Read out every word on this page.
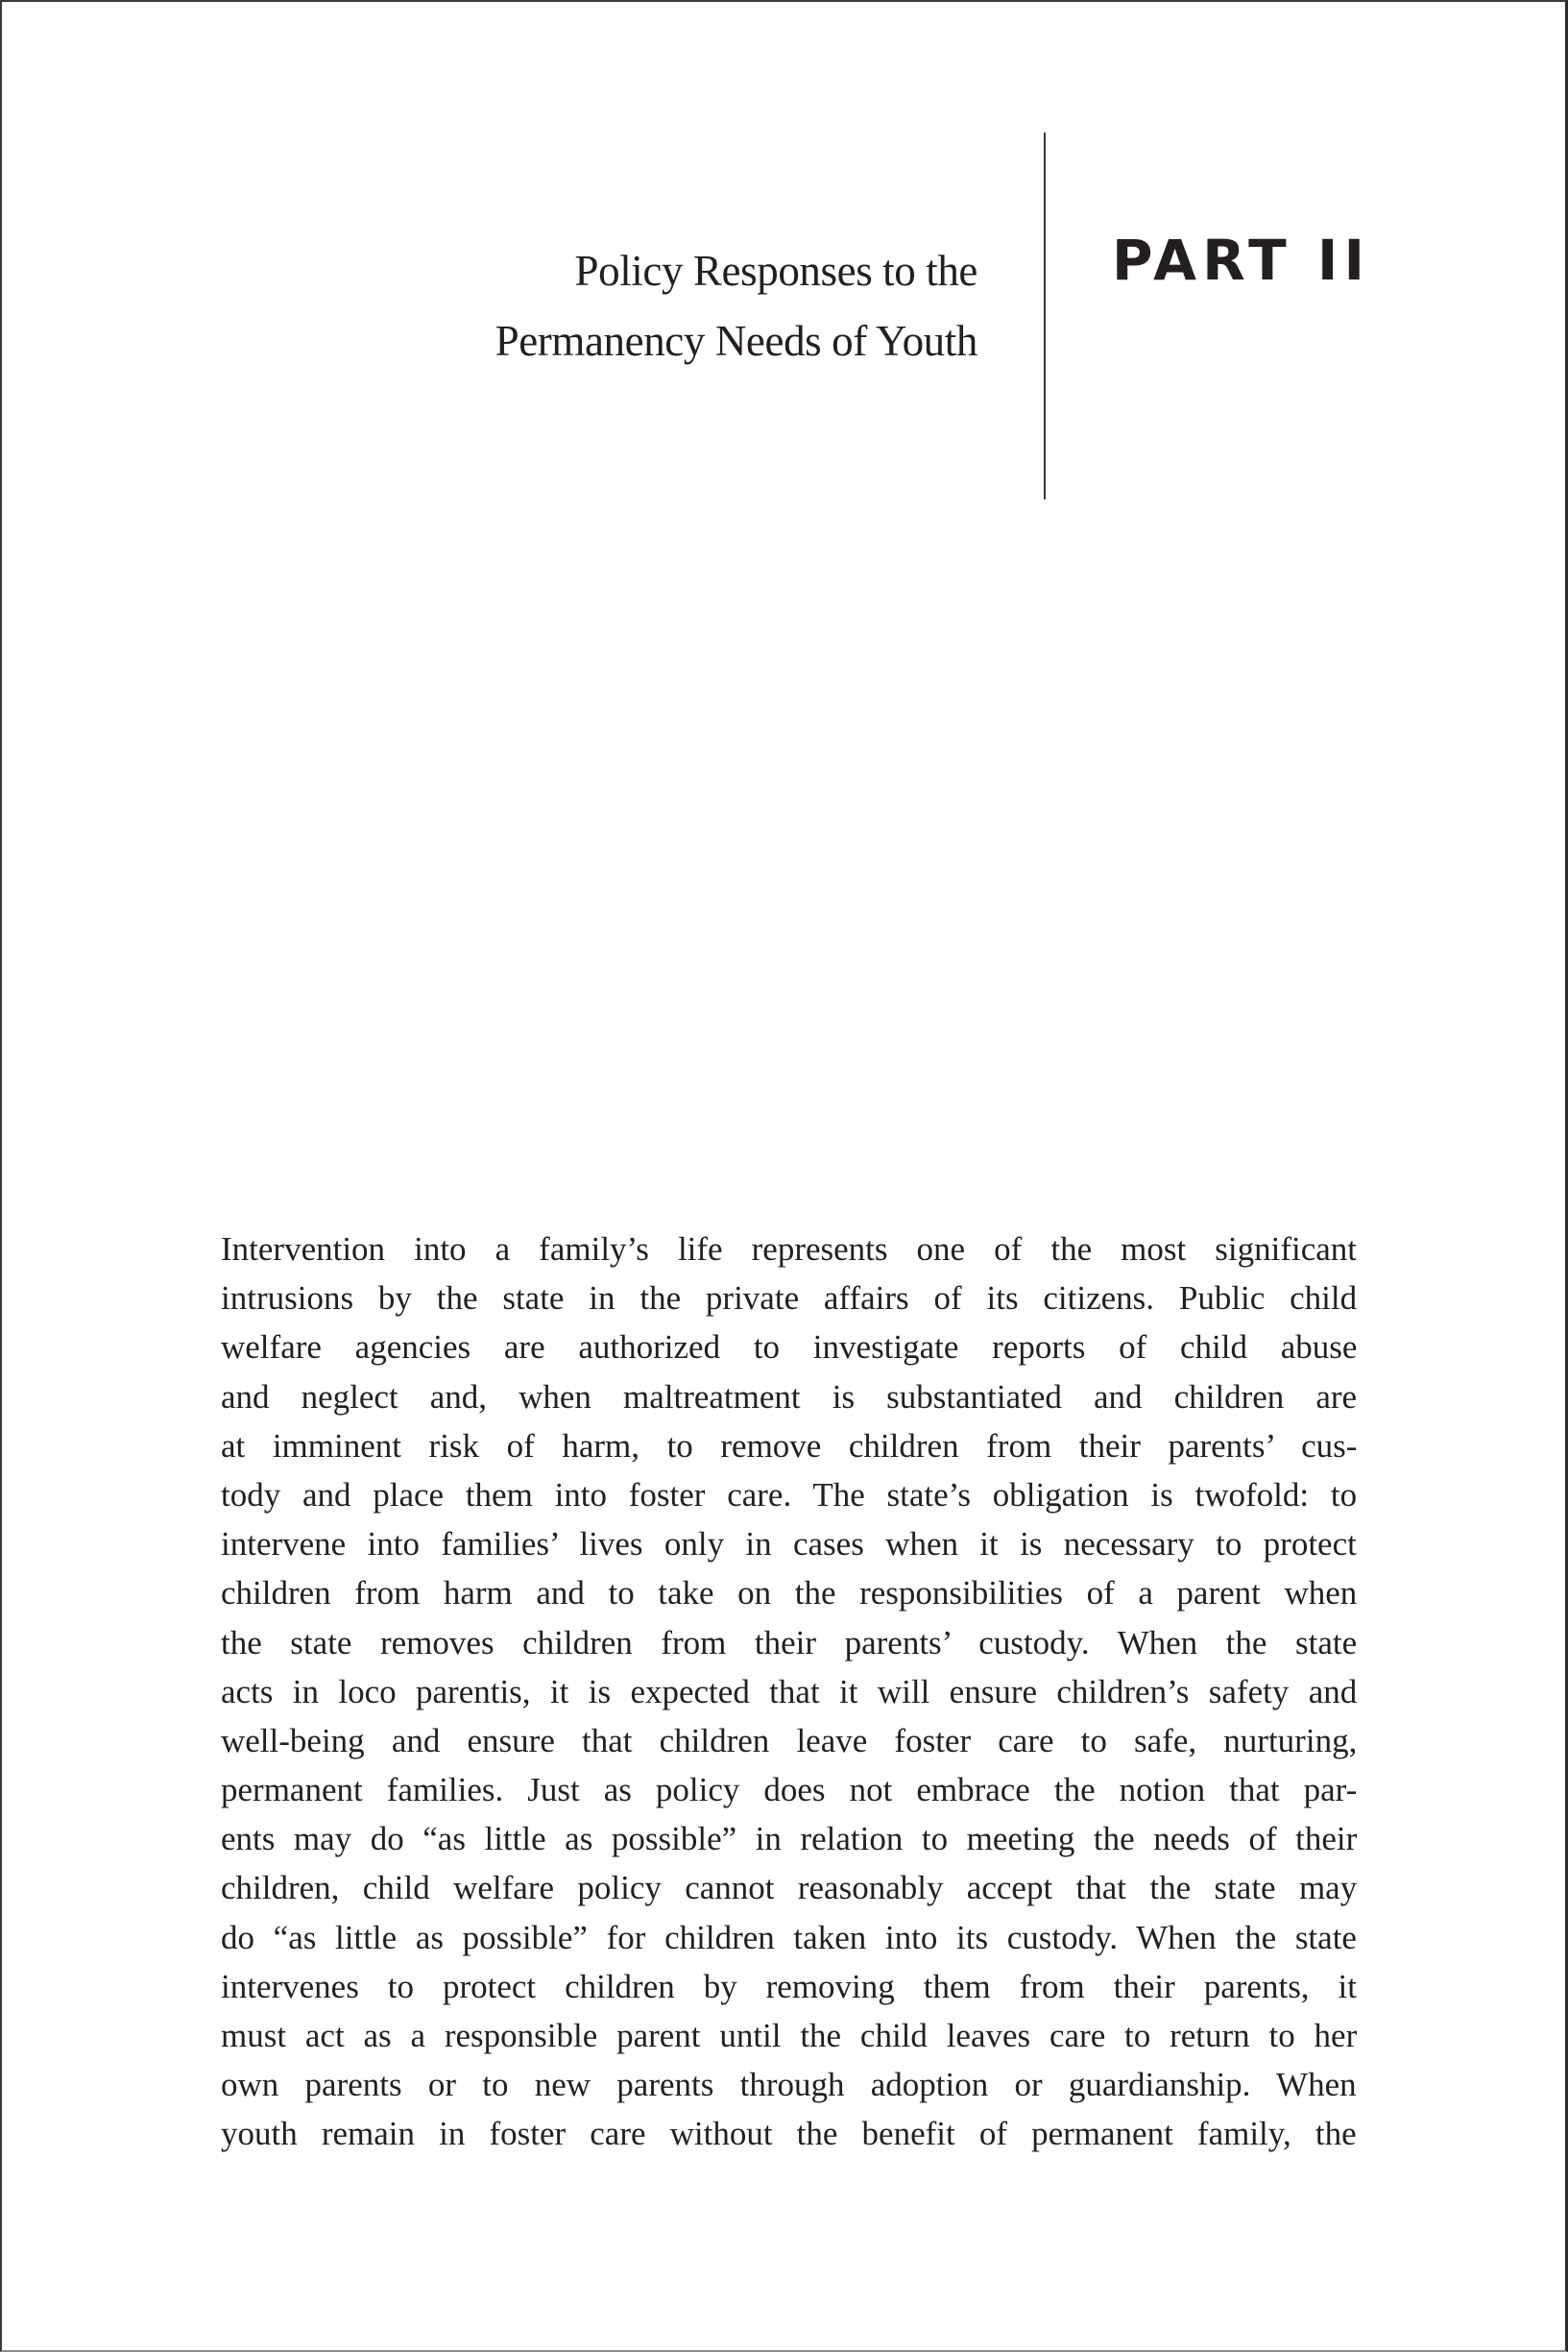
Policy Responses to the
Permanency Needs of Youth
PART II
Intervention into a family’s life represents one of the most significant
intrusions by the state in the private affairs of its citizens. Public child
welfare agencies are authorized to investigate reports of child abuse
and neglect and, when maltreatment is substantiated and children are
at imminent risk of harm, to remove children from their parents’ cus-
tody and place them into foster care. The state’s obligation is twofold: to
intervene into families’ lives only in cases when it is necessary to protect
children from harm and to take on the responsibilities of a parent when
the state removes children from their parents’ custody. When the state
acts in loco parentis, it is expected that it will ensure children’s safety and
well-being and ensure that children leave foster care to safe, nurturing,
permanent families. Just as policy does not embrace the notion that par-
ents may do “as little as possible” in relation to meeting the needs of their
children, child welfare policy cannot reasonably accept that the state may
do “as little as possible” for children taken into its custody. When the state
intervenes to protect children by removing them from their parents, it
must act as a responsible parent until the child leaves care to return to her
own parents or to new parents through adoption or guardianship. When
youth remain in foster care without the benefit of permanent family, the
